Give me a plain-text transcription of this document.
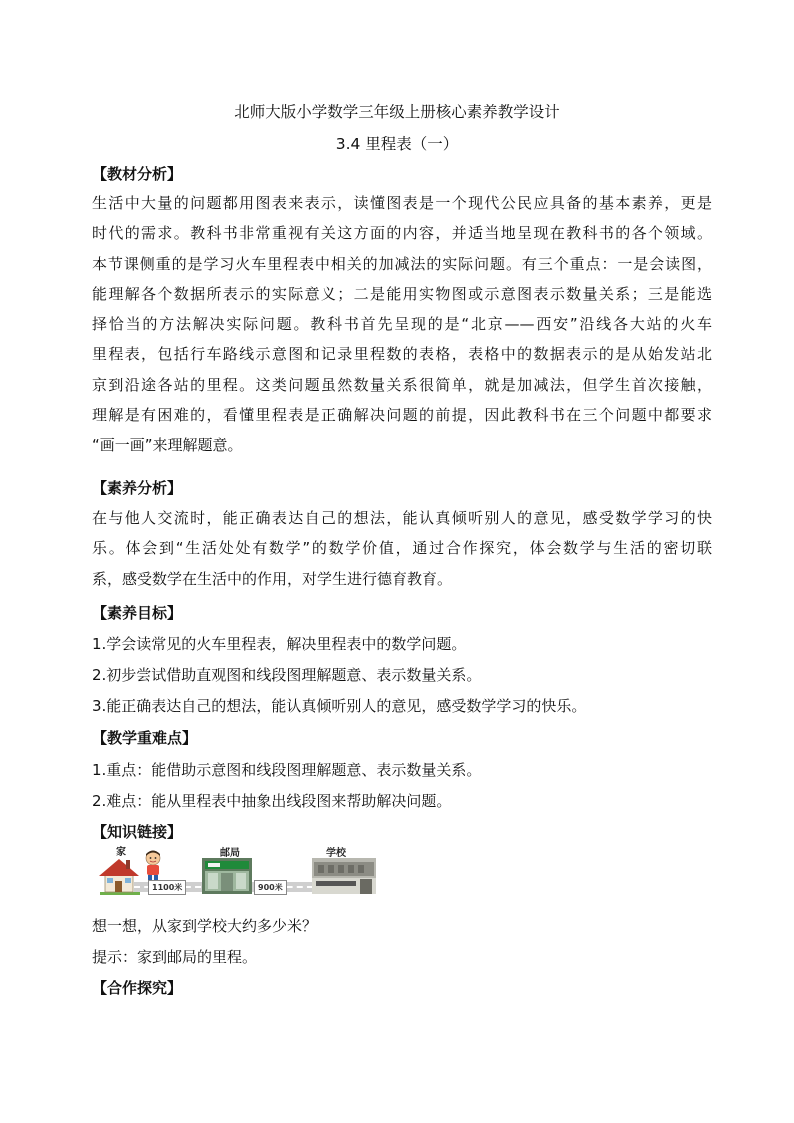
北师大版小学数学三年级上册核心素养教学设计
3.4 里程表（一）
【教材分析】
生活中大量的问题都用图表来表示，读懂图表是一个现代公民应具备的基本素养，更是
时代的需求。教科书非常重视有关这方面的内容，并适当地呈现在教科书的各个领域。
本节课侧重的是学习火车里程表中相关的加减法的实际问题。有三个重点：一是会读图，
能理解各个数据所表示的实际意义；二是能用实物图或示意图表示数量关系；三是能选
择恰当的方法解决实际问题。教科书首先呈现的是“北京——西安”沿线各大站的火车
里程表，包括行车路线示意图和记录里程数的表格，表格中的数据表示的是从始发站北
京到沿途各站的里程。这类问题虽然数量关系很简单，就是加减法，但学生首次接触，
理解是有困难的，看懂里程表是正确解决问题的前提，因此教科书在三个问题中都要求
“画一画”来理解题意。
【素养分析】
在与他人交流时，能正确表达自己的想法，能认真倾听别人的意见，感受数学学习的快
乐。体会到“生活处处有数学”的数学价值，通过合作探究，体会数学与生活的密切联
系，感受数学在生活中的作用，对学生进行德育教育。
【素养目标】
1.学会读常见的火车里程表，解决里程表中的数学问题。
2.初步尝试借助直观图和线段图理解题意、表示数量关系。
3.能正确表达自己的想法，能认真倾听别人的意见，感受数学学习的快乐。
【教学重难点】
1.重点：能借助示意图和线段图理解题意、表示数量关系。
2.难点：能从里程表中抽象出线段图来帮助解决问题。
【知识链接】
家
1100米
邮局
900米
学校
想一想，从家到学校大约多少米？
提示：家到邮局的里程。
【合作探究】
